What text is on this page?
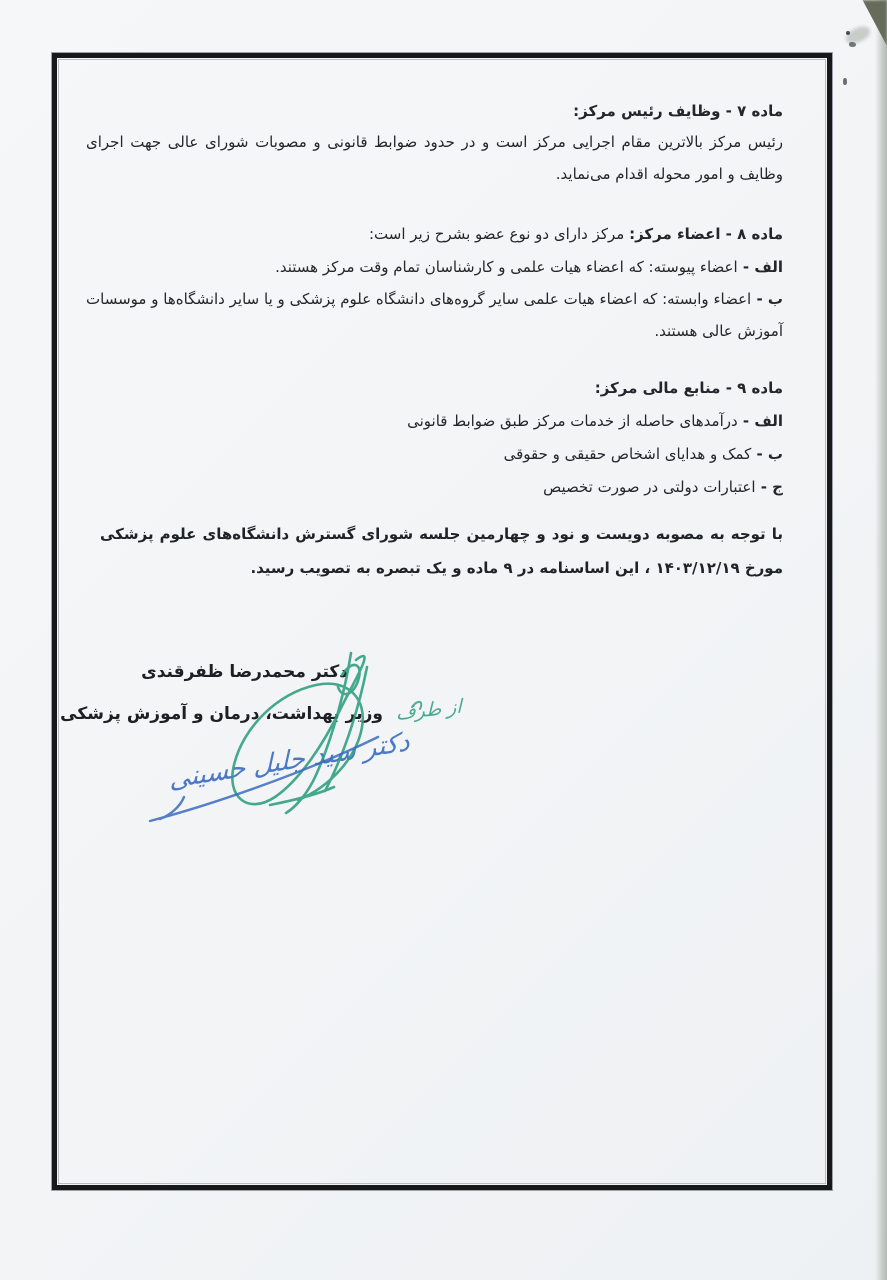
ماده ۷ - وظایف رئیس مرکز:
رئیس مرکز بالاترین مقام اجرایی مرکز است و در حدود ضوابط قانونی و مصوبات شورای عالی جهت اجرای وظایف و امور محوله اقدام می‌نماید.
ماده ۸ - اعضاء مرکز: مرکز دارای دو نوع عضو بشرح زیر است:
الف - اعضاء پیوسته: که اعضاء هیات علمی و کارشناسان تمام وقت مرکز هستند.
ب - اعضاء وابسته: که اعضاء هیات علمی سایر گروه‌های دانشگاه علوم پزشکی و یا سایر دانشگاه‌ها و موسسات آموزش عالی هستند.
ماده ۹ - منابع مالی مرکز:
الف - درآمدهای حاصله از خدمات مرکز طبق ضوابط قانونی
ب - کمک و هدایای اشخاص حقیقی و حقوقی
ج - اعتبارات دولتی در صورت تخصیص
با توجه به مصوبه دویست و نود و چهارمین جلسه شورای گسترش دانشگاه‌های علوم پزشکی مورخ ۱۴۰۳/۱۲/۱۹ ، این اساسنامه در ۹ ماده و یک تبصره به تصویب رسید.
دکتر محمدرضا ظفرقندی
وزیر بهداشت، درمان و آموزش پزشکی از طرف
دکتر سید جلیل حسینی
